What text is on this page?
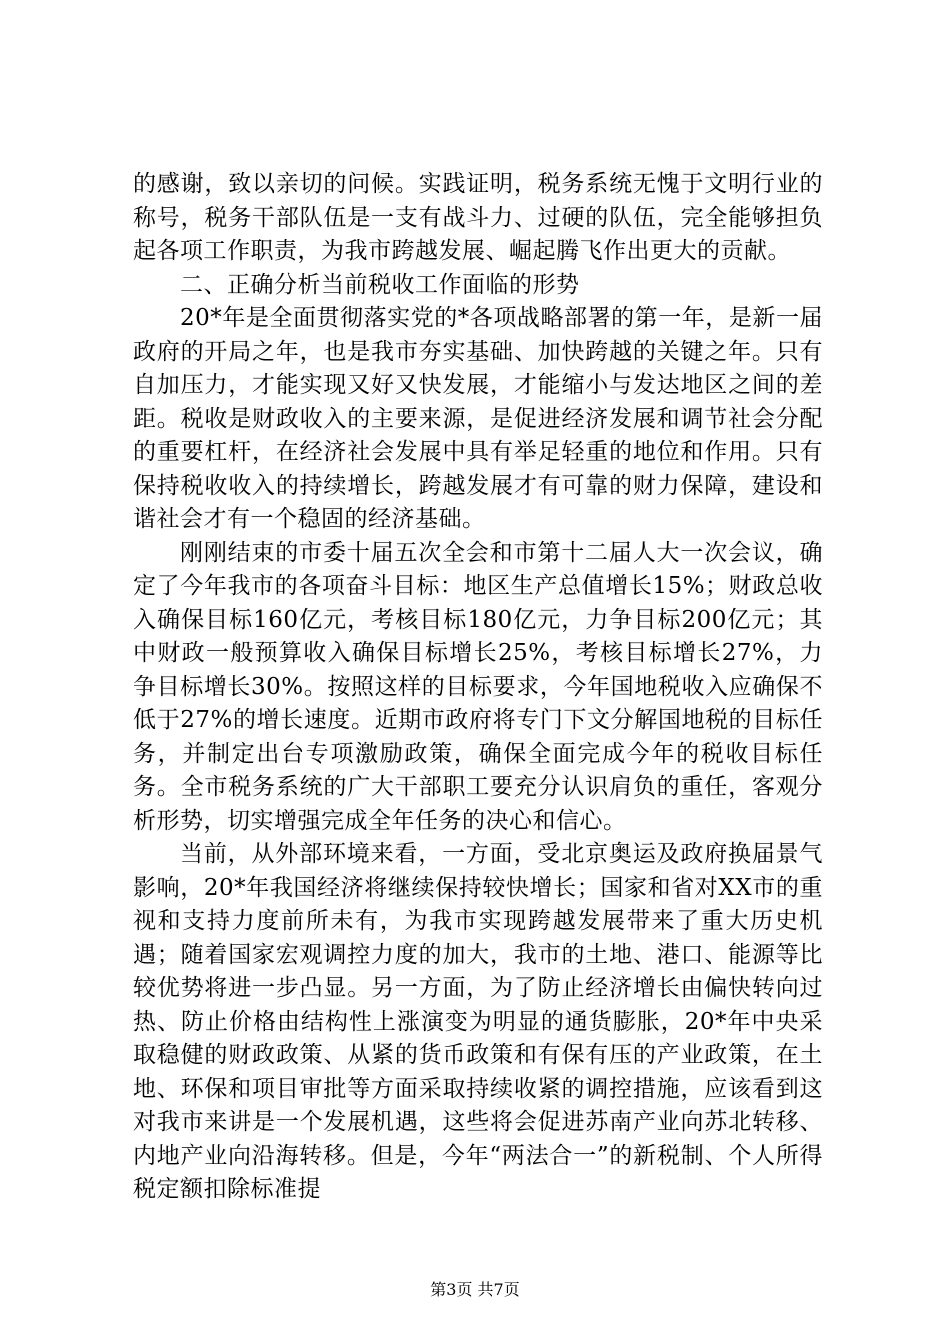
的感谢，致以亲切的问候。实践证明，税务系统无愧于文明行业的称号，税务干部队伍是一支有战斗力、过硬的队伍，完全能够担负起各项工作职责，为我市跨越发展、崛起腾飞作出更大的贡献。

二、正确分析当前税收工作面临的形势

20*年是全面贯彻落实党的*各项战略部署的第一年，是新一届政府的开局之年，也是我市夯实基础、加快跨越的关键之年。只有自加压力，才能实现又好又快发展，才能缩小与发达地区之间的差距。税收是财政收入的主要来源，是促进经济发展和调节社会分配的重要杠杆，在经济社会发展中具有举足轻重的地位和作用。只有保持税收收入的持续增长，跨越发展才有可靠的财力保障，建设和谐社会才有一个稳固的经济基础。

刚刚结束的市委十届五次全会和市第十二届人大一次会议，确定了今年我市的各项奋斗目标：地区生产总值增长15%；财政总收入确保目标160亿元，考核目标180亿元，力争目标200亿元；其中财政一般预算收入确保目标增长25%，考核目标增长27%，力争目标增长30%。按照这样的目标要求，今年国地税收入应确保不低于27%的增长速度。近期市政府将专门下文分解国地税的目标任务，并制定出台专项激励政策，确保全面完成今年的税收目标任务。全市税务系统的广大干部职工要充分认识肩负的重任，客观分析形势，切实增强完成全年任务的决心和信心。

当前，从外部环境来看，一方面，受北京奥运及政府换届景气影响，20*年我国经济将继续保持较快增长；国家和省对XX市的重视和支持力度前所未有，为我市实现跨越发展带来了重大历史机遇；随着国家宏观调控力度的加大，我市的土地、港口、能源等比较优势将进一步凸显。另一方面，为了防止经济增长由偏快转向过热、防止价格由结构性上涨演变为明显的通货膨胀，20*年中央采取稳健的财政政策、从紧的货币政策和有保有压的产业政策，在土地、环保和项目审批等方面采取持续收紧的调控措施，应该看到这对我市来讲是一个发展机遇，这些将会促进苏南产业向苏北转移、内地产业向沿海转移。但是，今年“两法合一”的新税制、个人所得税定额扣除标准提

第3页 共7页
